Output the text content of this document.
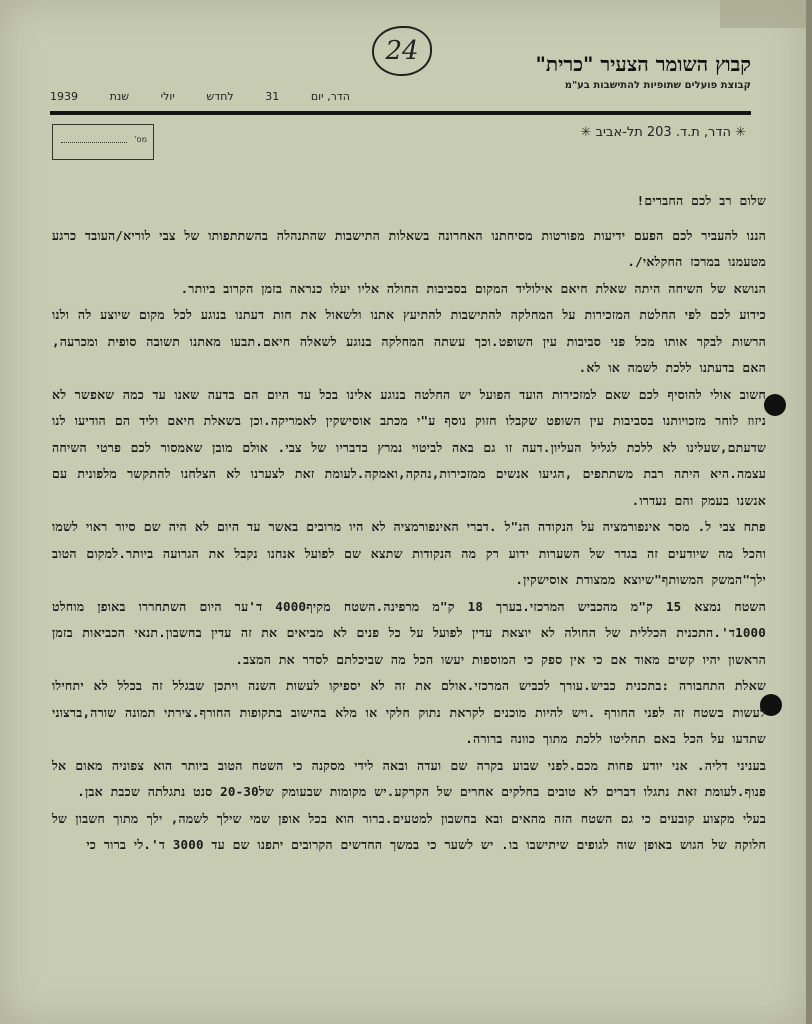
24	קבוץ השומר הצעיר "כרית"
קבוצת פועלים שתופיות להתישבות בע"מ
הדר, יום
31
לחדש
יולי
שנת
1939
✳ הדר, ת.ד. 203 תל-אביב ✳
מס'

שלום רב לכם החברים!

הננו להעביר לכם הפעם ידיעות מפורטות מסיחתנו האחרונה בשאלות התישבות שהתנהלה בהשתתפותו של צבי לוריא/העובד כרגע מטעמנו במרכז החקלאי/.

הנושא של השיחה היתה שאלת חיאם אילוליד המקום בסביבות החולה אליו יעלו כנראה בזמן הקרוב ביותר.

כידוע לכם לפי החלטת המזכירות על המחלקה להתישבות להתיעץ אתנו ולשאול את חות דעתנו בנוגע לכל מקום שיוצע לה ולנו הרשות לבקר אותו מכל פני סביבות עין השופט.וכך עשתה המחלקה בנוגע לשאלה חיאם.תבעו מאתנו תשובה סופית ומכרעה, האם בדעתנו ללכת לשמה או לא.

חשוב אולי להוסיף לכם שאם למזכירות הועד הפועל יש החלטה בנוגע אלינו בכל עד היום הם בדעה שאנו עד כמה שאפשר לא ניזוז לוחר מזכויותנו בסביבות עין השופט שקבלו חזוק נוסף ע"י מכתב אוסישקין לאמריקה.וכן בשאלת חיאם וליד הם הודיעו לנו שדעתם,שעלינו לא ללכת לגליל העליון.דעה זו גם באה לביטוי נמרץ בדבריו של צבי. אולם מובן שאמסור לכם פרטי השיחה עצמה.היא היתה רבת משתתפים ,הגיעו אנשים ממזכירות,נהקה,ואמקה.לעומת זאת לצערנו לא הצלחנו להתקשר מלפונית עם אנשנו בעמק והם נעדרו.

פתח צבי ל. מסר אינפורמציה על הנקודה הנ"ל .דברי האינפורמציה לא היו מרובים באשר עד היום לא היה שם סיור ראוי לשמו והכל מה שיודעים זה בגדר של השערות ידוע רק מה הנקודות שתצא שם לפועל אנחנו נקבל את הגרועה ביותר.למקום הטוב ילך"המשק המשותף"שיוצא ממצודת אוסישקין.

השטח נמצא 15 ק"מ מהכביש המרכזי.בערך 18 ק"מ מרפינה.השטח מקיף4000 ד'ער היום השתחררו באופן מוחלט 1000ד'.התכנית הכללית של החולה לא יוצאת עדין לפועל על כל פנים לא מביאים את זה עדין בחשבון.תנאי הכביאות בזמן הראשון יהיו קשים מאוד אם כי אין ספק כי המוספות יעשו הכל מה שביכלתם לסדר את המצב.

שאלת התחבורה :בתכנית כביש.עורך לכביש המרכזי.אולם את זה לא יספיקו לעשות השנה ויתכן שבגלל זה בכלל לא יתחילו לעשות בשטח זה לפני החורף .ויש להיות מוכנים לקראת נתוק חלקי או מלא בהישוב בתקופות החורף.צירתי תמונה שורה,ברצוני שתדעו על הכל באם תחליטו ללכת מתוך כוונה ברורה.

בעניני דליה. אני יודע פחות מכם.לפני שבוע בקרה שם ועדה ובאה לידי מסקנה כי השטח הטוב ביותר הוא צפוניה מאום אל פנוף.לעומת זאת נתגלו דברים לא טובים בחלקים אחרים של הקרקע.יש מקומות שבעומק של20-30 סנט נתגלתה שכבת אבן.

בעלי מקצוע קובעים כי גם השטח הזה מהאים ובא בחשבון למטעים.ברור הוא בכל אופן שמי שילך לשמה, ילך מתוך חשבון של חלוקה של הגוש באופן שוה לגופים שיתישבו בו. יש לשער כי במשך החדשים הקרובים יתפנו שם עד 3000 ד'.לי ברור כי
